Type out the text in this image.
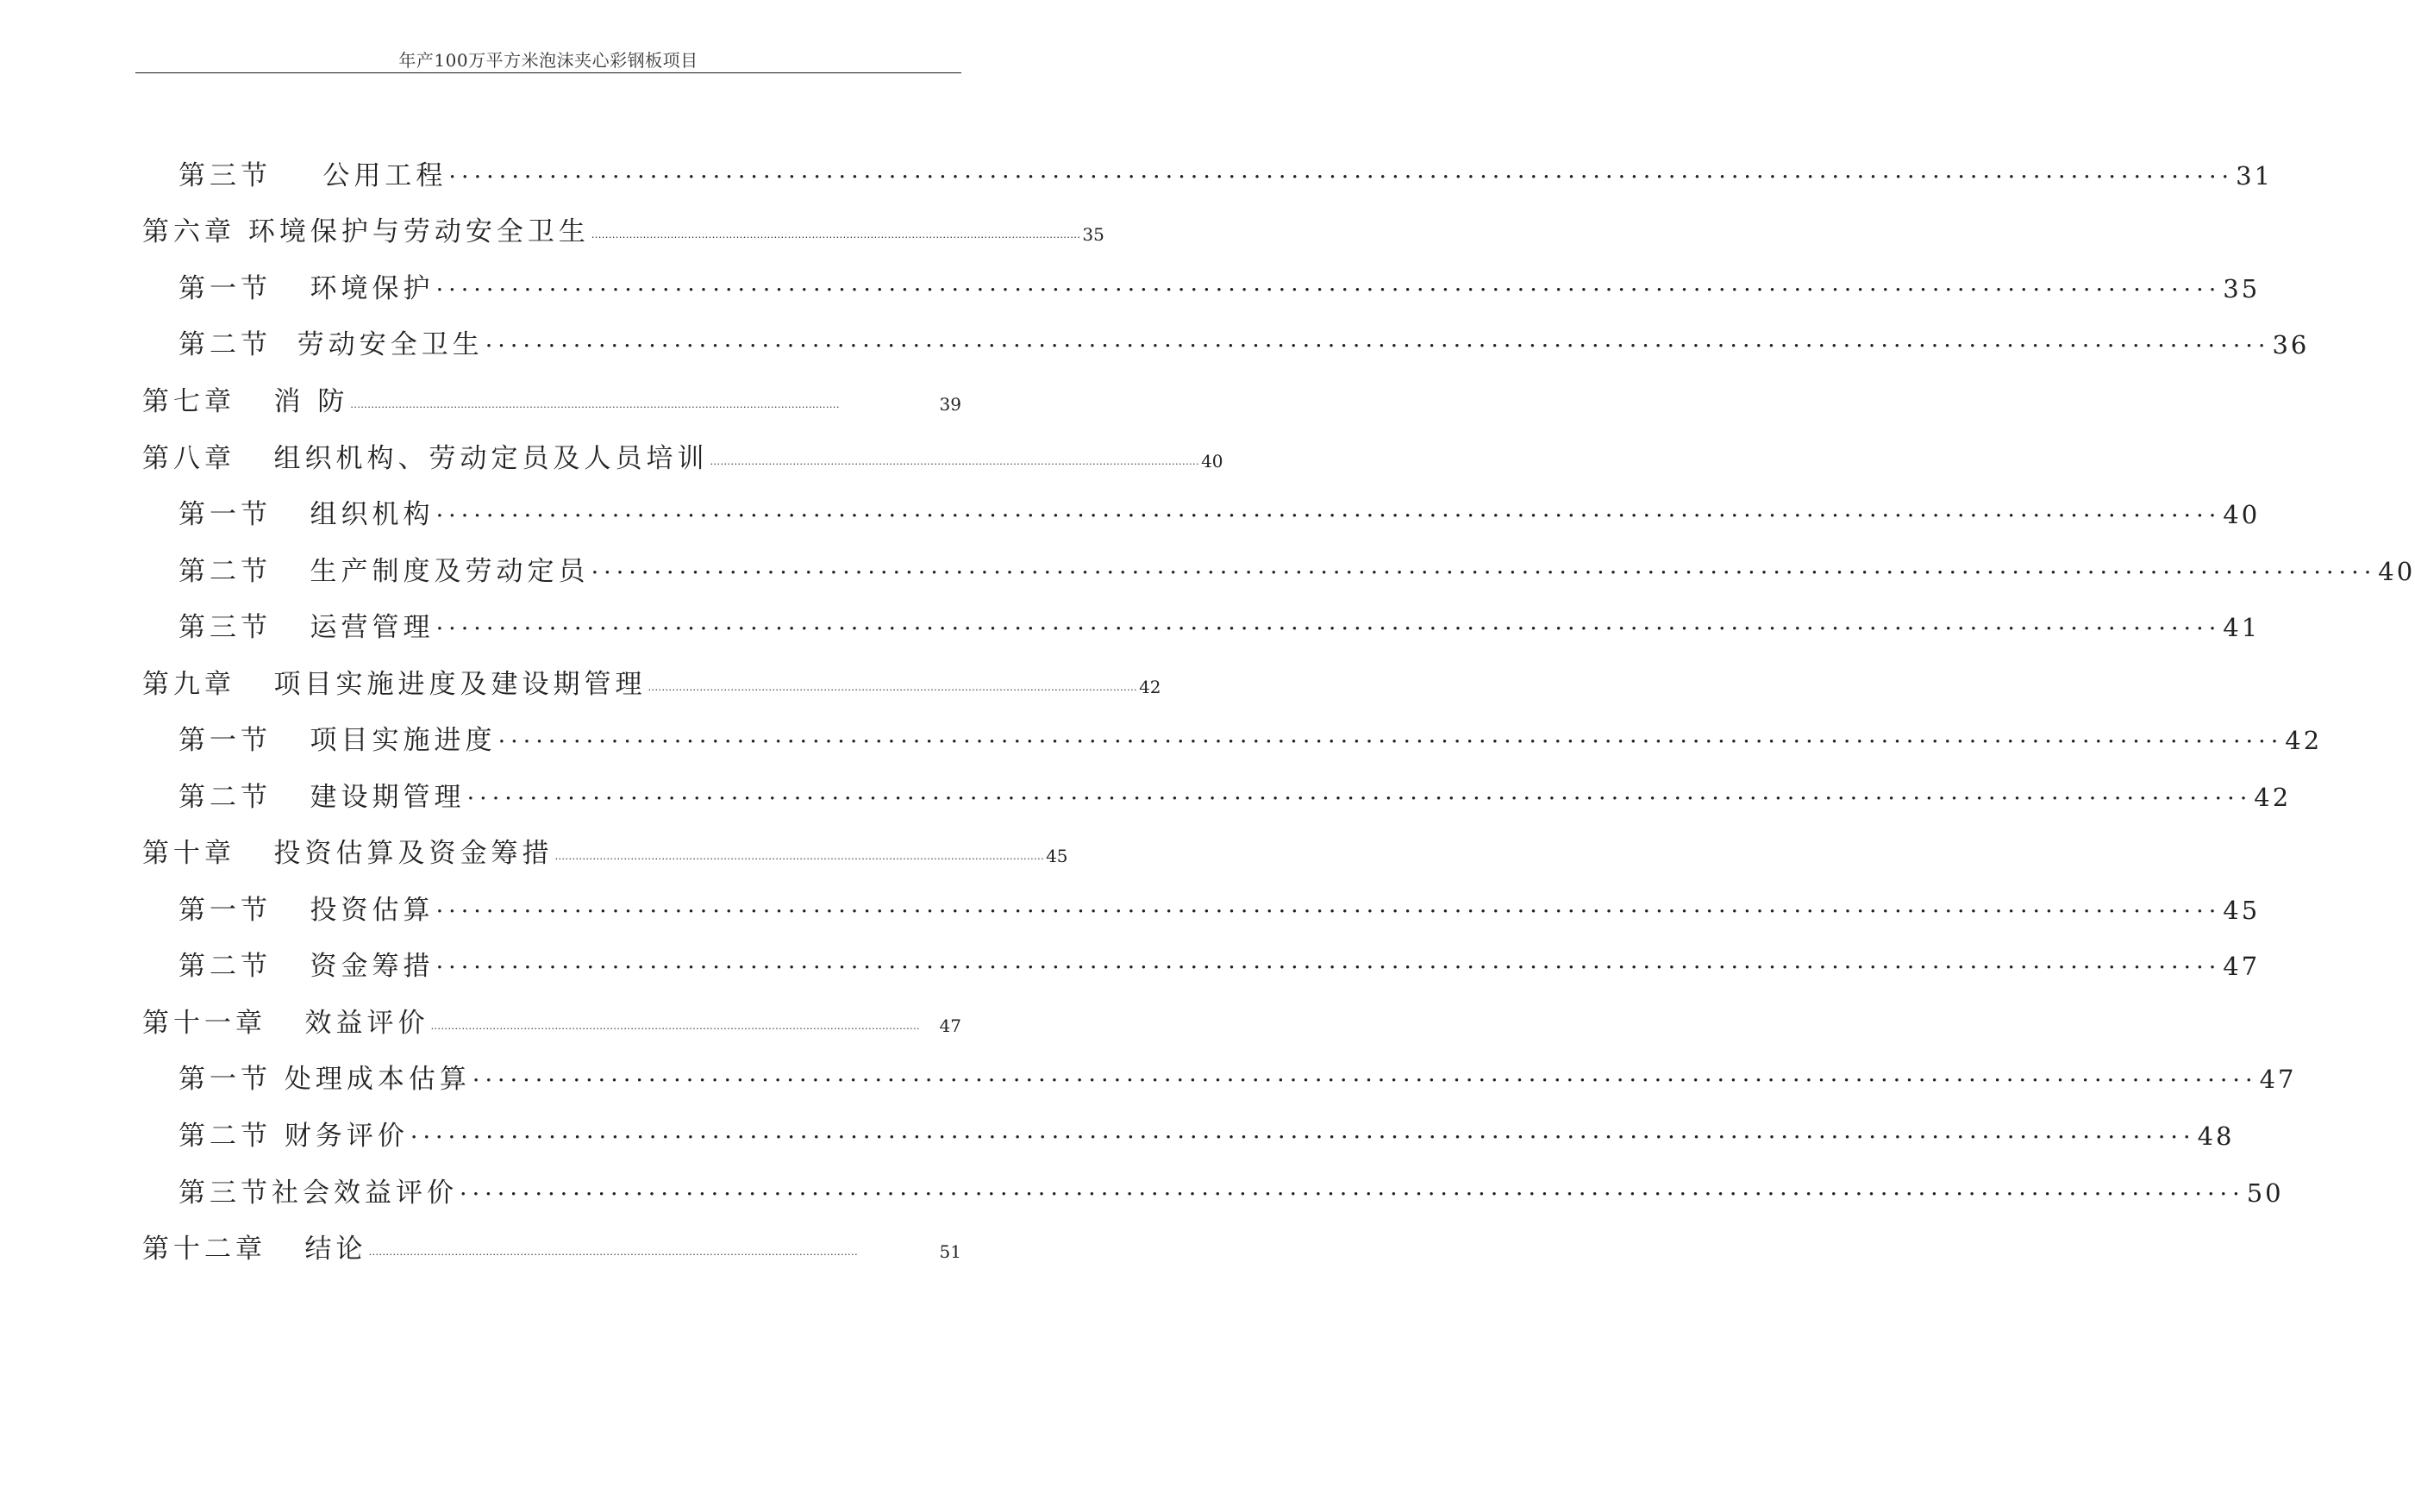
年产100万平方米泡沫夹心彩钢板项目
第三节    公用工程 ·············································································································································· 31
第六章 环境保护与劳动安全卫生 ·············································································································································· 35
第一节   环境保护 ·············································································································································· 35
第二节  劳动安全卫生 ·············································································································································· 36
第七章   消 防 ··············································································································································	39
第八章   组织机构、劳动定员及人员培训 ·············································································································································· 40
第一节   组织机构 ·············································································································································· 40
第二节   生产制度及劳动定员 ·············································································································································· 40
第三节   运营管理 ·············································································································································· 41
第九章   项目实施进度及建设期管理 ·············································································································································· 42
第一节   项目实施进度 ·············································································································································· 42
第二节   建设期管理 ·············································································································································· 42
第十章   投资估算及资金筹措 ·············································································································································· 45
第一节   投资估算 ·············································································································································· 45
第二节   资金筹措 ·············································································································································· 47
第十一章   效益评价 ··············································································································································	47
第一节 处理成本估算 ·············································································································································· 47
第二节 财务评价 ·············································································································································· 48
第三节社会效益评价 ·············································································································································· 50
第十二章   结论 ··············································································································································	51
